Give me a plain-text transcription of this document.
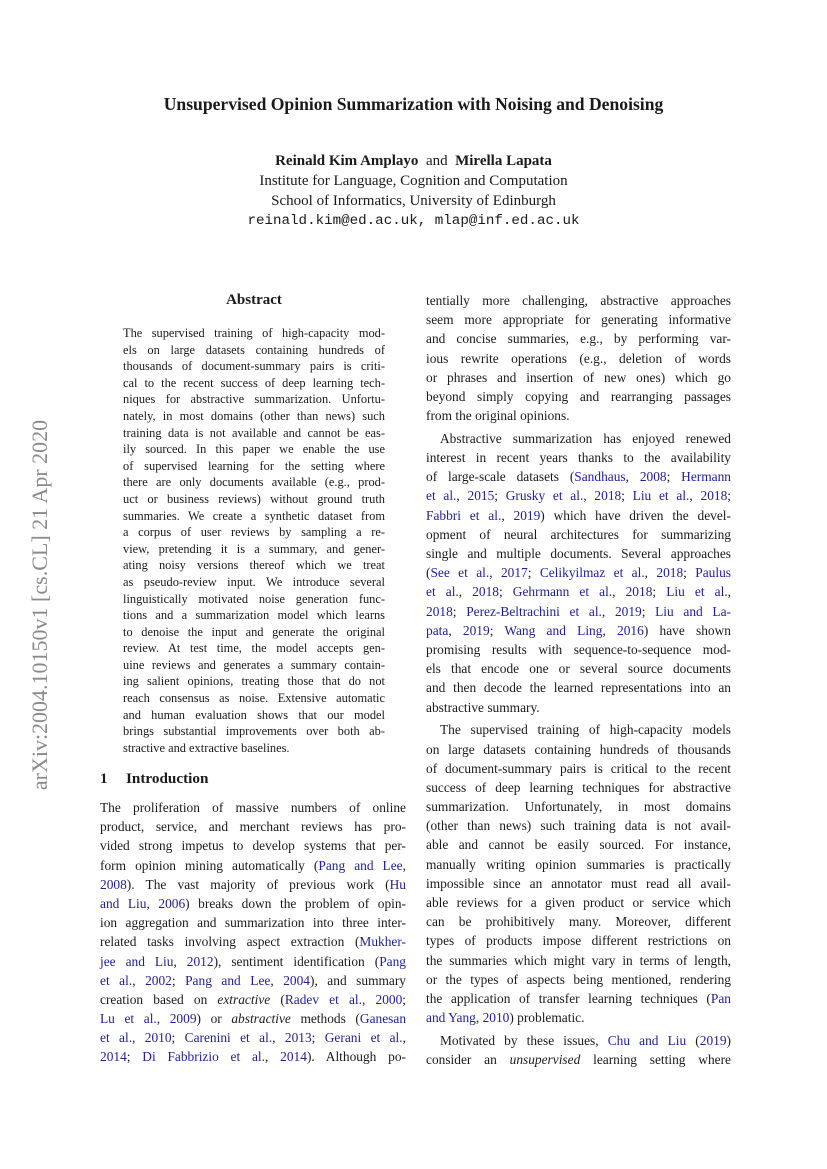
arXiv:2004.10150v1 [cs.CL] 21 Apr 2020
Unsupervised Opinion Summarization with Noising and Denoising
Reinald Kim Amplayo and Mirella Lapata
Institute for Language, Cognition and Computation
School of Informatics, University of Edinburgh
reinald.kim@ed.ac.uk, mlap@inf.ed.ac.uk
Abstract
The supervised training of high-capacity mod-
els on large datasets containing hundreds of
thousands of document-summary pairs is criti-
cal to the recent success of deep learning tech-
niques for abstractive summarization. Unfortu-
nately, in most domains (other than news) such
training data is not available and cannot be eas-
ily sourced. In this paper we enable the use
of supervised learning for the setting where
there are only documents available (e.g., prod-
uct or business reviews) without ground truth
summaries. We create a synthetic dataset from
a corpus of user reviews by sampling a re-
view, pretending it is a summary, and gener-
ating noisy versions thereof which we treat
as pseudo-review input. We introduce several
linguistically motivated noise generation func-
tions and a summarization model which learns
to denoise the input and generate the original
review. At test time, the model accepts gen-
uine reviews and generates a summary contain-
ing salient opinions, treating those that do not
reach consensus as noise. Extensive automatic
and human evaluation shows that our model
brings substantial improvements over both ab-
stractive and extractive baselines.
1 Introduction
The proliferation of massive numbers of online
product, service, and merchant reviews has pro-
vided strong impetus to develop systems that per-
form opinion mining automatically (Pang and Lee,
2008). The vast majority of previous work (Hu
and Liu, 2006) breaks down the problem of opin-
ion aggregation and summarization into three inter-
related tasks involving aspect extraction (Mukher-
jee and Liu, 2012), sentiment identification (Pang
et al., 2002; Pang and Lee, 2004), and summary
creation based on extractive (Radev et al., 2000;
Lu et al., 2009) or abstractive methods (Ganesan
et al., 2010; Carenini et al., 2013; Gerani et al.,
2014; Di Fabbrizio et al., 2014). Although po-
tentially more challenging, abstractive approaches
seem more appropriate for generating informative
and concise summaries, e.g., by performing var-
ious rewrite operations (e.g., deletion of words
or phrases and insertion of new ones) which go
beyond simply copying and rearranging passages
from the original opinions.
Abstractive summarization has enjoyed renewed
interest in recent years thanks to the availability
of large-scale datasets (Sandhaus, 2008; Hermann
et al., 2015; Grusky et al., 2018; Liu et al., 2018;
Fabbri et al., 2019) which have driven the devel-
opment of neural architectures for summarizing
single and multiple documents. Several approaches
(See et al., 2017; Celikyilmaz et al., 2018; Paulus
et al., 2018; Gehrmann et al., 2018; Liu et al.,
2018; Perez-Beltrachini et al., 2019; Liu and La-
pata, 2019; Wang and Ling, 2016) have shown
promising results with sequence-to-sequence mod-
els that encode one or several source documents
and then decode the learned representations into an
abstractive summary.
The supervised training of high-capacity models
on large datasets containing hundreds of thousands
of document-summary pairs is critical to the recent
success of deep learning techniques for abstractive
summarization. Unfortunately, in most domains
(other than news) such training data is not avail-
able and cannot be easily sourced. For instance,
manually writing opinion summaries is practically
impossible since an annotator must read all avail-
able reviews for a given product or service which
can be prohibitively many. Moreover, different
types of products impose different restrictions on
the summaries which might vary in terms of length,
or the types of aspects being mentioned, rendering
the application of transfer learning techniques (Pan
and Yang, 2010) problematic.
Motivated by these issues, Chu and Liu (2019)
consider an unsupervised learning setting where
